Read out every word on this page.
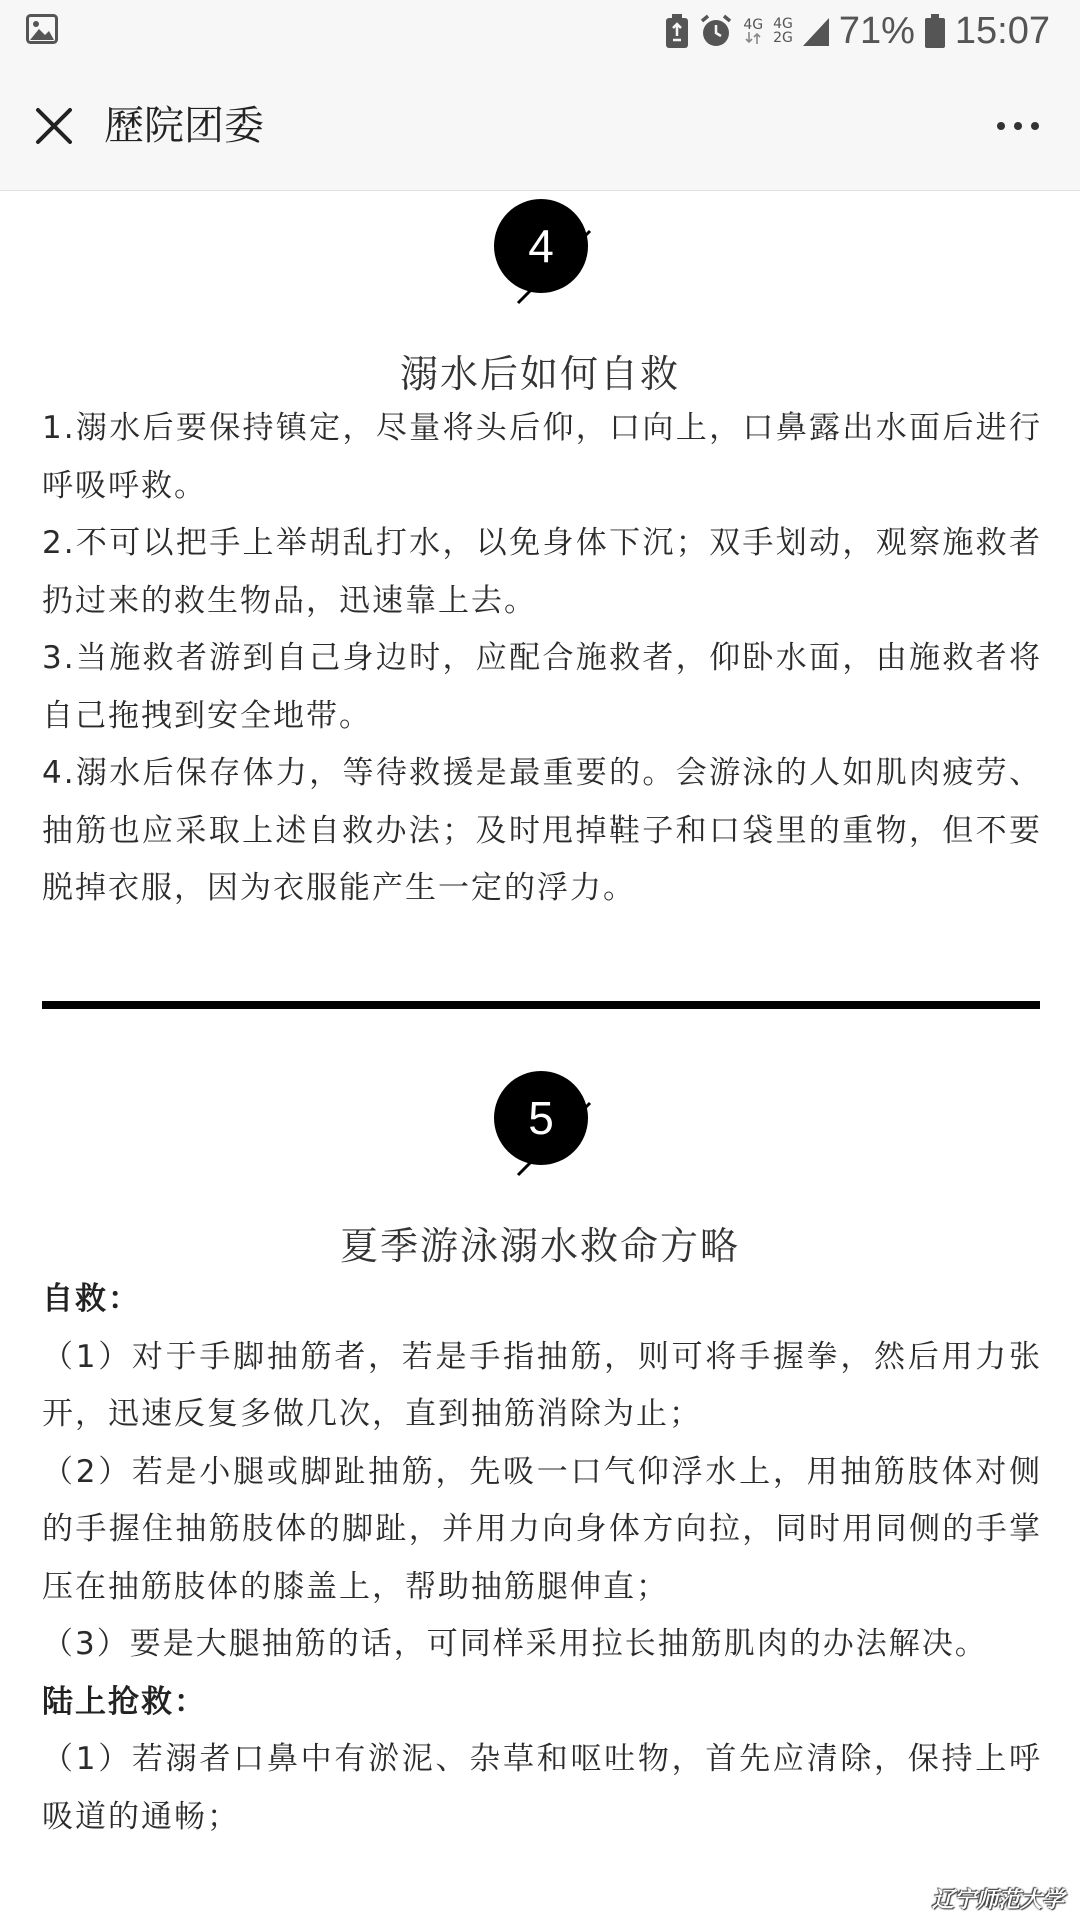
4G 4G
2G 71% 15:07
歷院团委
4
溺水后如何自救

1.溺水后要保持镇定，尽量将头后仰，口向上，口鼻露出水面后进行呼吸呼救。

2.不可以把手上举胡乱打水，以免身体下沉；双手划动，观察施救者扔过来的救生物品，迅速靠上去。

3.当施救者游到自己身边时，应配合施救者，仰卧水面，由施救者将自己拖拽到安全地带。

4.溺水后保存体力，等待救援是最重要的。会游泳的人如肌肉疲劳、抽筋也应采取上述自救办法；及时甩掉鞋子和口袋里的重物，但不要脱掉衣服，因为衣服能产生一定的浮力。

5
夏季游泳溺水救命方略

自救：

（1）对于手脚抽筋者，若是手指抽筋，则可将手握拳，然后用力张开，迅速反复多做几次，直到抽筋消除为止；

（2）若是小腿或脚趾抽筋，先吸一口气仰浮水上，用抽筋肢体对侧的手握住抽筋肢体的脚趾，并用力向身体方向拉，同时用同侧的手掌压在抽筋肢体的膝盖上，帮助抽筋腿伸直；

（3）要是大腿抽筋的话，可同样采用拉长抽筋肌肉的办法解决。

陆上抢救：

（1）若溺者口鼻中有淤泥、杂草和呕吐物，首先应清除，保持上呼吸道的通畅；

辽宁师范大学
